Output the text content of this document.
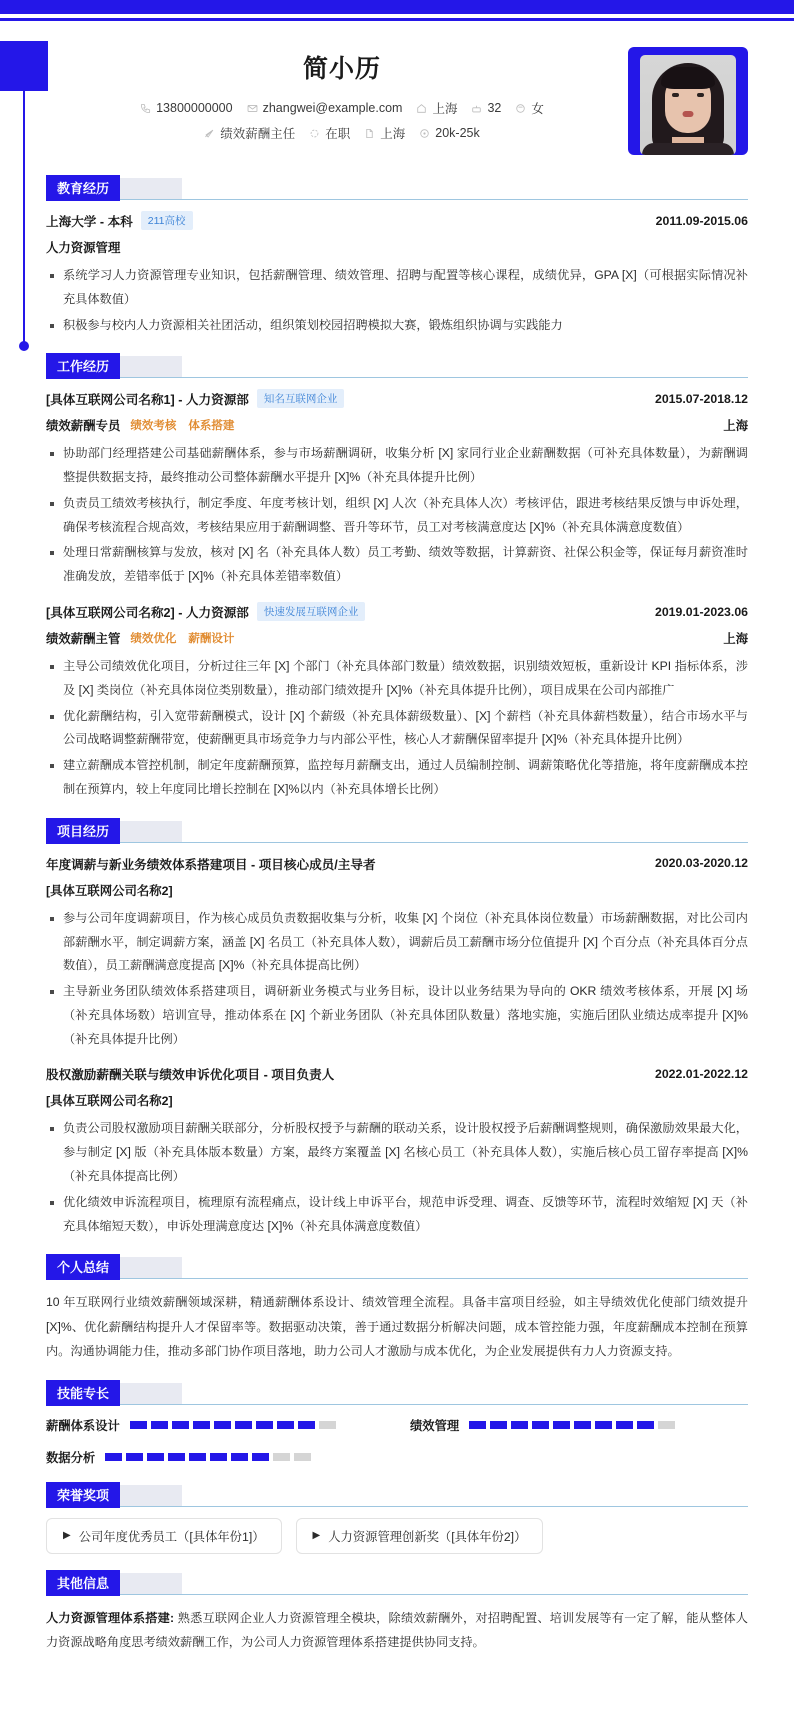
简小历
13800000000 zhangwei@example.com 上海 32 女
绩效薪酬主任 在职 上海 20k-25k
教育经历
上海大学 - 本科	211高校	2011.09-2015.06
人力资源管理
系统学习人力资源管理专业知识，包括薪酬管理、绩效管理、招聘与配置等核心课程，成绩优异，GPA [X]（可根据实际情况补充具体数值）
积极参与校内人力资源相关社团活动，组织策划校园招聘模拟大赛，锻炼组织协调与实践能力
工作经历
[具体互联网公司名称1] - 人力资源部	知名互联网企业	2015.07-2018.12
绩效薪酬专员 绩效考核 体系搭建	上海
协助部门经理搭建公司基础薪酬体系，参与市场薪酬调研，收集分析 [X] 家同行业企业薪酬数据（可补充具体数量），为薪酬调整提供数据支持，最终推动公司整体薪酬水平提升 [X]%（补充具体提升比例）
负责员工绩效考核执行，制定季度、年度考核计划，组织 [X] 人次（补充具体人次）考核评估，跟进考核结果反馈与申诉处理，确保考核流程合规高效，考核结果应用于薪酬调整、晋升等环节，员工对考核满意度达 [X]%（补充具体满意度数值）
处理日常薪酬核算与发放，核对 [X] 名（补充具体人数）员工考勤、绩效等数据，计算薪资、社保公积金等，保证每月薪资准时准确发放，差错率低于 [X]%（补充具体差错率数值）
[具体互联网公司名称2] - 人力资源部	快速发展互联网企业	2019.01-2023.06
绩效薪酬主管 绩效优化 薪酬设计	上海
主导公司绩效优化项目，分析过往三年 [X] 个部门（补充具体部门数量）绩效数据，识别绩效短板，重新设计 KPI 指标体系，涉及 [X] 类岗位（补充具体岗位类别数量），推动部门绩效提升 [X]%（补充具体提升比例），项目成果在公司内部推广
优化薪酬结构，引入宽带薪酬模式，设计 [X] 个薪级（补充具体薪级数量）、[X] 个薪档（补充具体薪档数量），结合市场水平与公司战略调整薪酬带宽，使薪酬更具市场竞争力与内部公平性，核心人才薪酬保留率提升 [X]%（补充具体提升比例）
建立薪酬成本管控机制，制定年度薪酬预算，监控每月薪酬支出，通过人员编制控制、调薪策略优化等措施，将年度薪酬成本控制在预算内，较上年度同比增长控制在 [X]%以内（补充具体增长比例）
项目经历
年度调薪与新业务绩效体系搭建项目 - 项目核心成员/主导者	2020.03-2020.12
[具体互联网公司名称2]
参与公司年度调薪项目，作为核心成员负责数据收集与分析，收集 [X] 个岗位（补充具体岗位数量）市场薪酬数据，对比公司内部薪酬水平，制定调薪方案，涵盖 [X] 名员工（补充具体人数），调薪后员工薪酬市场分位值提升 [X] 个百分点（补充具体百分点数值），员工薪酬满意度提高 [X]%（补充具体提高比例）
主导新业务团队绩效体系搭建项目，调研新业务模式与业务目标，设计以业务结果为导向的 OKR 绩效考核体系，开展 [X] 场（补充具体场数）培训宣导，推动体系在 [X] 个新业务团队（补充具体团队数量）落地实施，实施后团队业绩达成率提升 [X]%（补充具体提升比例）
股权激励薪酬关联与绩效申诉优化项目 - 项目负责人	2022.01-2022.12
[具体互联网公司名称2]
负责公司股权激励项目薪酬关联部分，分析股权授予与薪酬的联动关系，设计股权授予后薪酬调整规则，确保激励效果最大化，参与制定 [X] 版（补充具体版本数量）方案，最终方案覆盖 [X] 名核心员工（补充具体人数），实施后核心员工留存率提高 [X]%（补充具体提高比例）
优化绩效申诉流程项目，梳理原有流程痛点，设计线上申诉平台，规范申诉受理、调查、反馈等环节，流程时效缩短 [X] 天（补充具体缩短天数），申诉处理满意度达 [X]%（补充具体满意度数值）
个人总结
10 年互联网行业绩效薪酬领域深耕，精通薪酬体系设计、绩效管理全流程。具备丰富项目经验，如主导绩效优化使部门绩效提升 [X]%、优化薪酬结构提升人才保留率等。数据驱动决策，善于通过数据分析解决问题，成本管控能力强，年度薪酬成本控制在预算内。沟通协调能力佳，推动多部门协作项目落地，助力公司人才激励与成本优化，为企业发展提供有力人力资源支持。
技能专长
薪酬体系设计	绩效管理
数据分析
荣誉奖项
▶ 公司年度优秀员工（[具体年份1]）	▶ 人力资源管理创新奖（[具体年份2]）
其他信息
人力资源管理体系搭建: 熟悉互联网企业人力资源管理全模块，除绩效薪酬外，对招聘配置、培训发展等有一定了解，能从整体人力资源战略角度思考绩效薪酬工作，为公司人力资源管理体系搭建提供协同支持。
